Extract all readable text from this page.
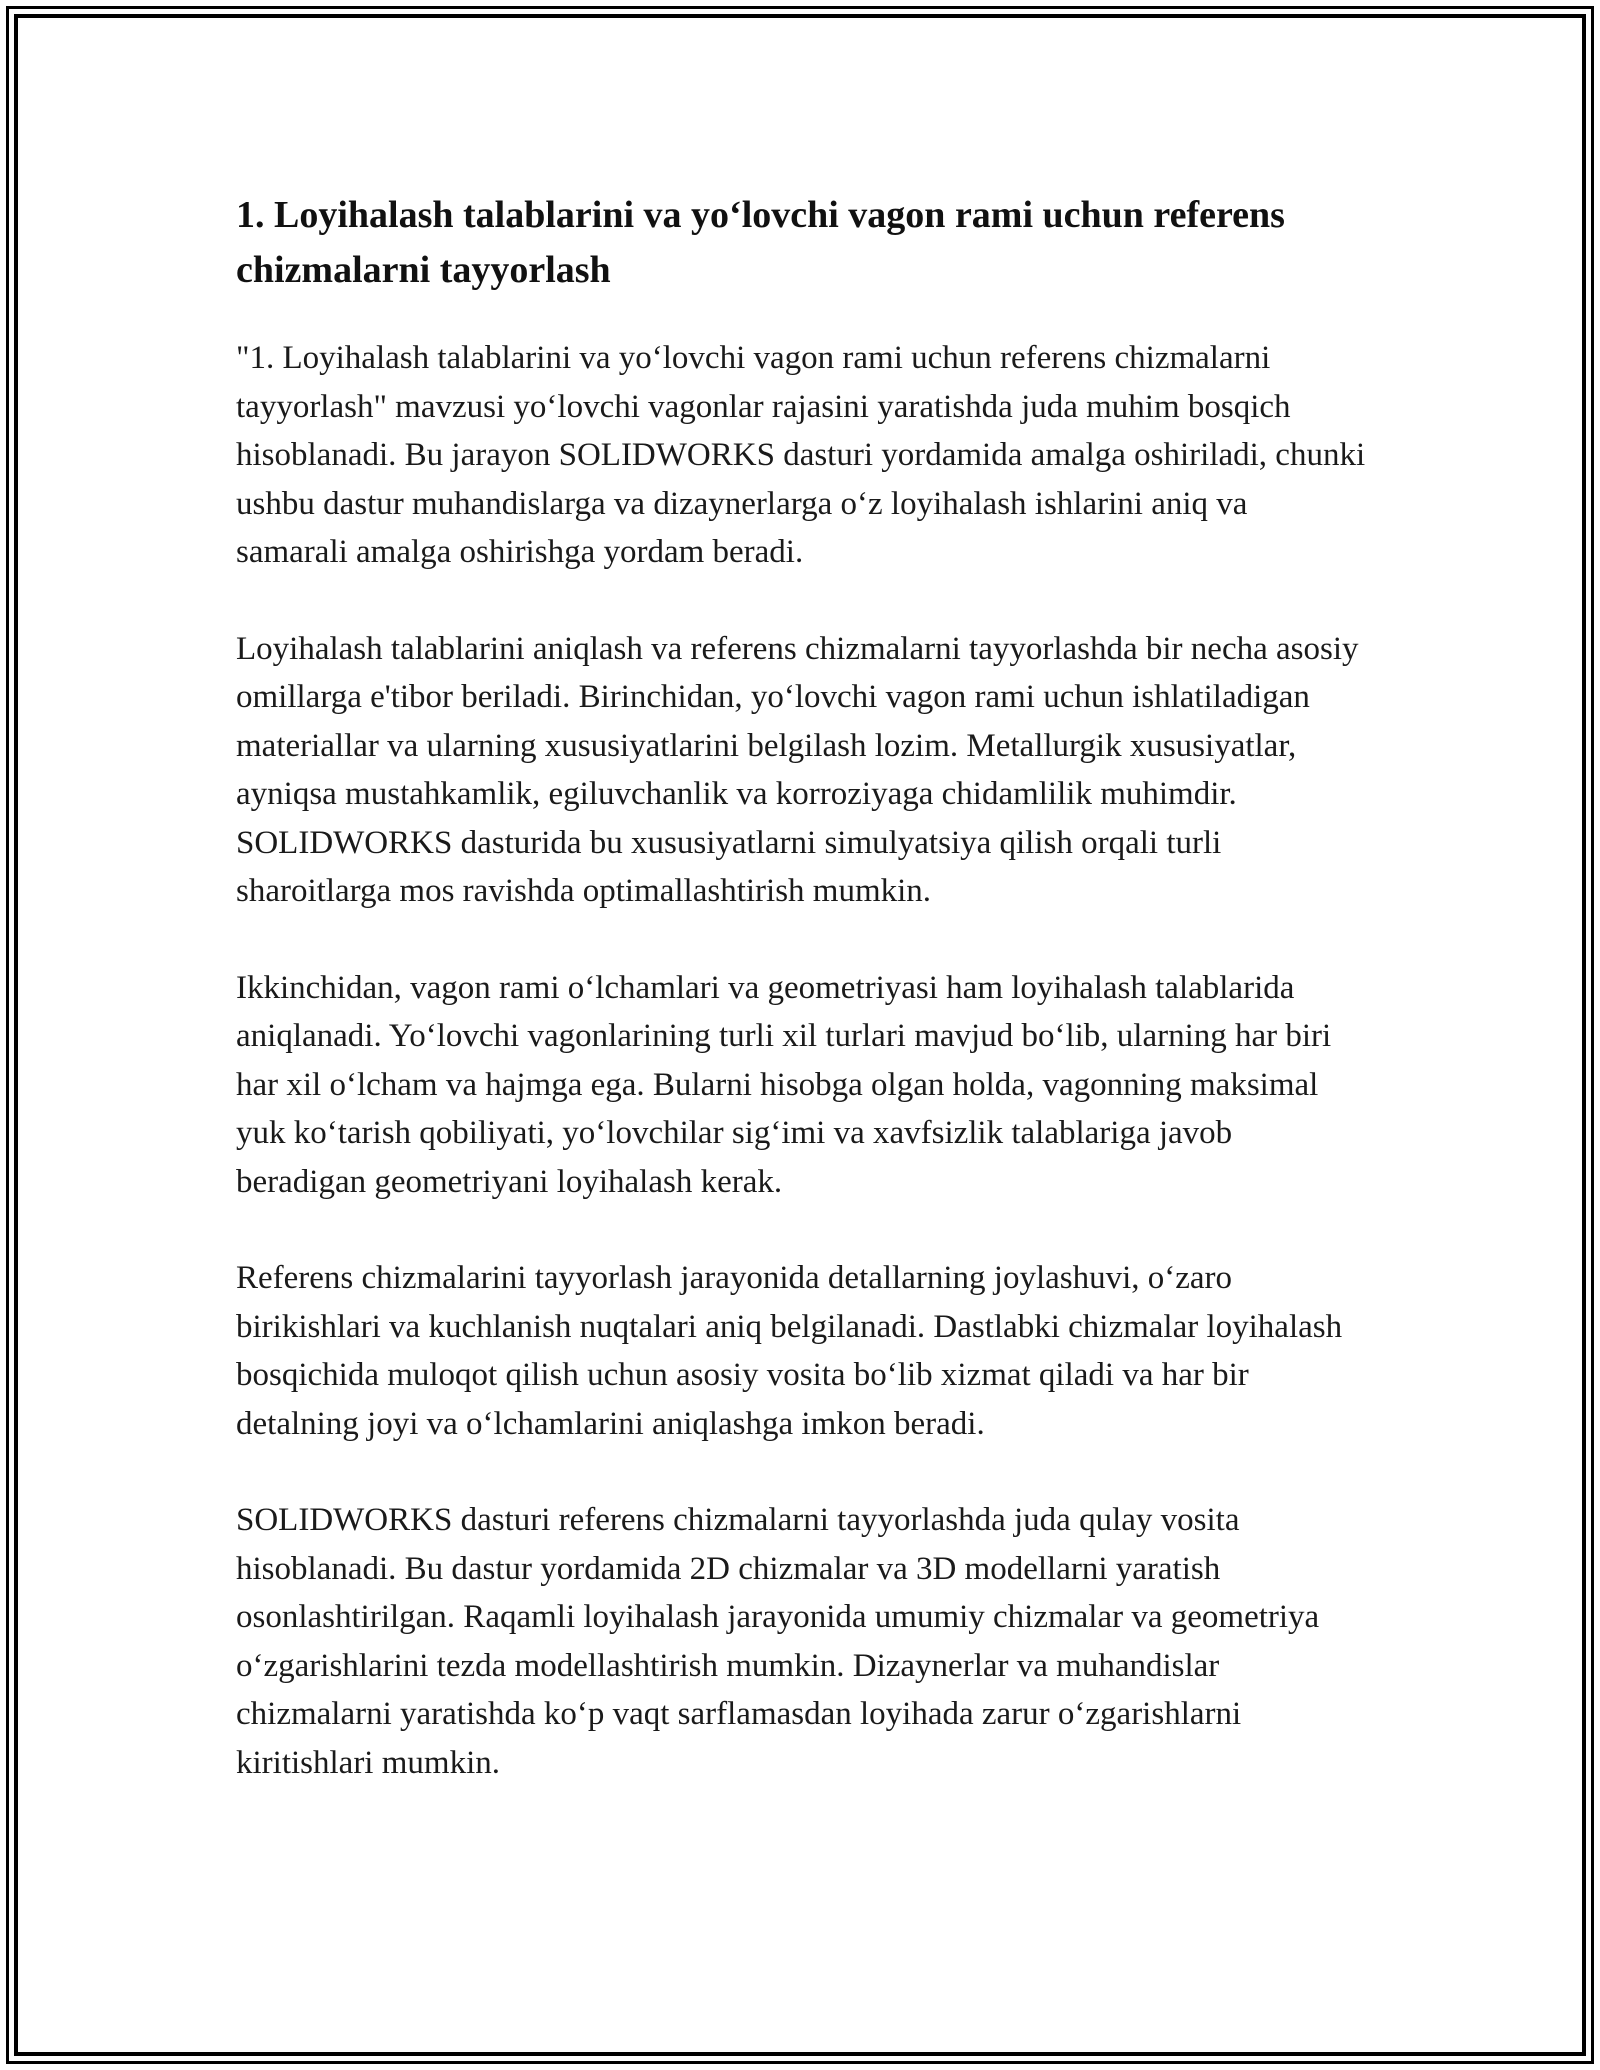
1. Loyihalash talablarini va yo‘lovchi vagon rami uchun referens chizmalarni tayyorlash

"1. Loyihalash talablarini va yo‘lovchi vagon rami uchun referens chizmalarni tayyorlash" mavzusi yo‘lovchi vagonlar rajasini yaratishda juda muhim bosqich hisoblanadi. Bu jarayon SOLIDWORKS dasturi yordamida amalga oshiriladi, chunki ushbu dastur muhandislarga va dizaynerlarga o‘z loyihalash ishlarini aniq va samarali amalga oshirishga yordam beradi.

Loyihalash talablarini aniqlash va referens chizmalarni tayyorlashda bir necha asosiy omillarga e'tibor beriladi. Birinchidan, yo‘lovchi vagon rami uchun ishlatiladigan materiallar va ularning xususiyatlarini belgilash lozim. Metallurgik xususiyatlar, ayniqsa mustahkamlik, egiluvchanlik va korroziyaga chidamlilik muhimdir. SOLIDWORKS dasturida bu xususiyatlarni simulyatsiya qilish orqali turli sharoitlarga mos ravishda optimallashtirish mumkin.

Ikkinchidan, vagon rami o‘lchamlari va geometriyasi ham loyihalash talablarida aniqlanadi. Yo‘lovchi vagonlarining turli xil turlari mavjud bo‘lib, ularning har biri har xil o‘lcham va hajmga ega. Bularni hisobga olgan holda, vagonning maksimal yuk ko‘tarish qobiliyati, yo‘lovchilar sig‘imi va xavfsizlik talablariga javob beradigan geometriyani loyihalash kerak.

Referens chizmalarini tayyorlash jarayonida detallarning joylashuvi, o‘zaro birikishlari va kuchlanish nuqtalari aniq belgilanadi. Dastlabki chizmalar loyihalash bosqichida muloqot qilish uchun asosiy vosita bo‘lib xizmat qiladi va har bir detalning joyi va o‘lchamlarini aniqlashga imkon beradi.

SOLIDWORKS dasturi referens chizmalarni tayyorlashda juda qulay vosita hisoblanadi. Bu dastur yordamida 2D chizmalar va 3D modellarni yaratish osonlashtirilgan. Raqamli loyihalash jarayonida umumiy chizmalar va geometriya o‘zgarishlarini tezda modellashtirish mumkin. Dizaynerlar va muhandislar chizmalarni yaratishda ko‘p vaqt sarflamasdan loyihada zarur o‘zgarishlarni kiritishlari mumkin.
